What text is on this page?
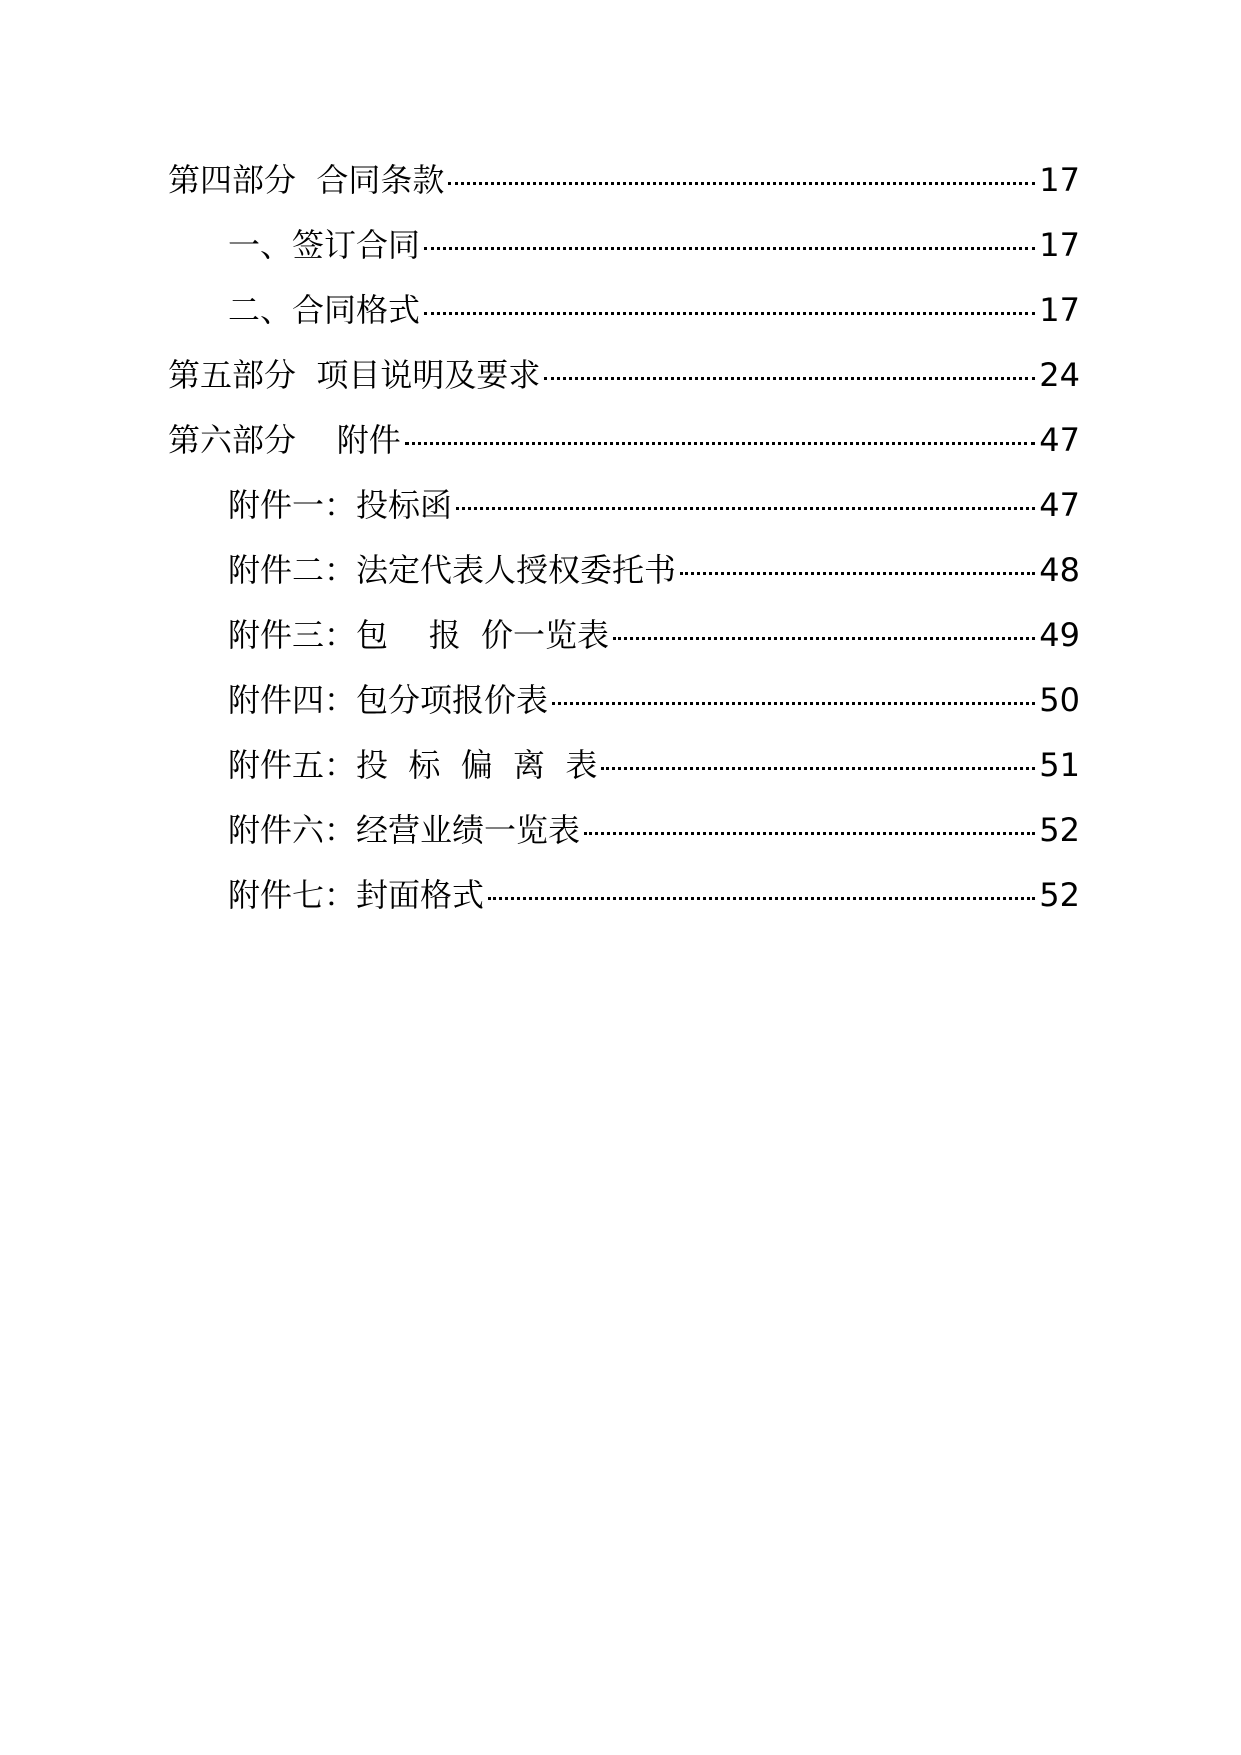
第四部分  合同条款	17
一、签订合同	17
二、合同格式	17
第五部分  项目说明及要求	24
第六部分    附件	47
附件一：投标函	47
附件二：法定代表人授权委托书	48
附件三：包    报  价一览表	49
附件四：包分项报价表	50
附件五：投  标  偏  离  表	51
附件六：经营业绩一览表	52
附件七：封面格式	52
